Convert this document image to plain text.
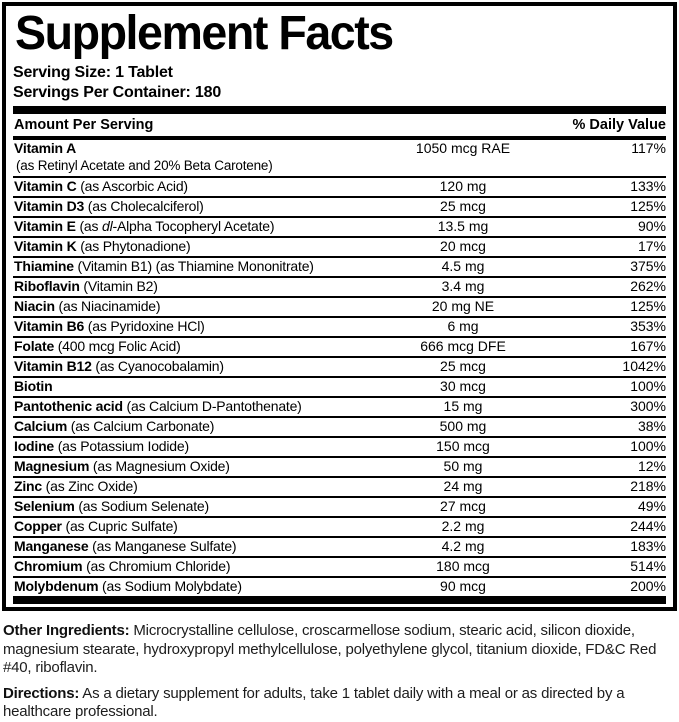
Supplement Facts
Serving Size: 1 Tablet
Servings Per Container: 180
Amount Per Serving	% Daily Value
Vitamin A	1050 mcg RAE	117%
(as Retinyl Acetate and 20% Beta Carotene)
Vitamin C (as Ascorbic Acid)	120 mg	133%
Vitamin D3 (as Cholecalciferol)	25 mcg	125%
Vitamin E (as dl-Alpha Tocopheryl Acetate)	13.5 mg	90%
Vitamin K (as Phytonadione)	20 mcg	17%
Thiamine (Vitamin B1) (as Thiamine Mononitrate)	4.5 mg	375%
Riboflavin (Vitamin B2)	3.4 mg	262%
Niacin (as Niacinamide)	20 mg NE	125%
Vitamin B6 (as Pyridoxine HCl)	6 mg	353%
Folate (400 mcg Folic Acid)	666 mcg DFE	167%
Vitamin B12 (as Cyanocobalamin)	25 mcg	1042%
Biotin	30 mcg	100%
Pantothenic acid (as Calcium D-Pantothenate)	15 mg	300%
Calcium (as Calcium Carbonate)	500 mg	38%
Iodine (as Potassium Iodide)	150 mcg	100%
Magnesium (as Magnesium Oxide)	50 mg	12%
Zinc (as Zinc Oxide)	24 mg	218%
Selenium (as Sodium Selenate)	27 mcg	49%
Copper (as Cupric Sulfate)	2.2 mg	244%
Manganese (as Manganese Sulfate)	4.2 mg	183%
Chromium (as Chromium Chloride)	180 mcg	514%
Molybdenum (as Sodium Molybdate)	90 mcg	200%

Other Ingredients: Microcrystalline cellulose, croscarmellose sodium, stearic acid, silicon dioxide, magnesium stearate, hydroxypropyl methylcellulose, polyethylene glycol, titanium dioxide, FD&C Red #40, riboflavin.

Directions: As a dietary supplement for adults, take 1 tablet daily with a meal or as directed by a healthcare professional.
